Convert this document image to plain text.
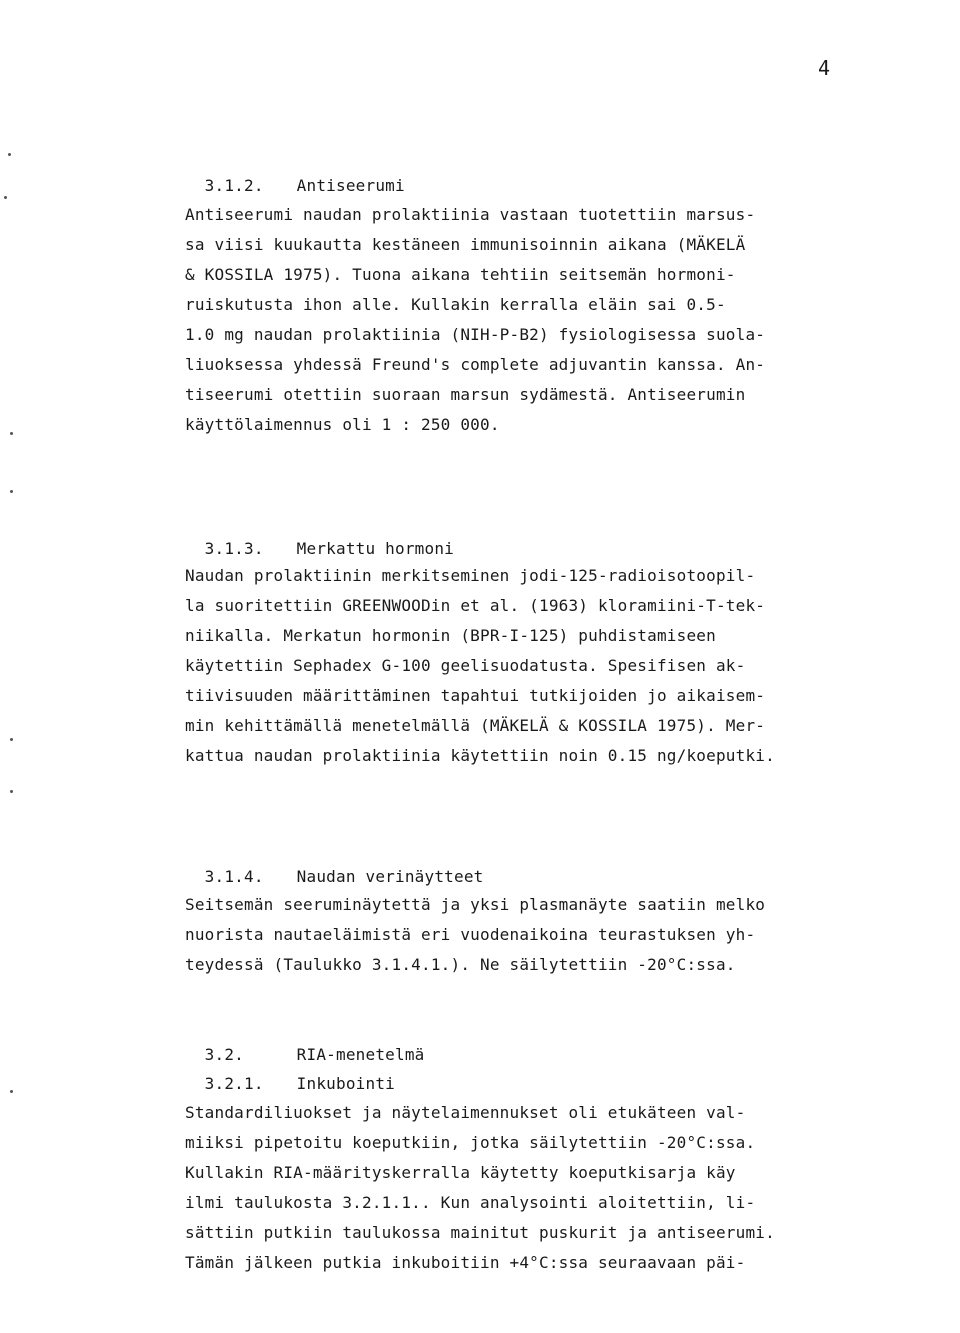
4

3.1.2. Antiseerumi

Antiseerumi naudan prolaktiinia vastaan tuotettiin marsus-
sa viisi kuukautta kestäneen immunisoinnin aikana (MÄKELÄ
& KOSSILA 1975). Tuona aikana tehtiin seitsemän hormoni-
ruiskutusta ihon alle. Kullakin kerralla eläin sai 0.5-
1.0 mg naudan prolaktiinia (NIH-P-B2) fysiologisessa suola-
liuoksessa yhdessä Freund's complete adjuvantin kanssa. An-
tiseerumi otettiin suoraan marsun sydämestä. Antiseerumin
käyttölaimennus oli 1 : 250 000.

3.1.3. Merkattu hormoni

Naudan prolaktiinin merkitseminen jodi-125-radioisotoopil-
la suoritettiin GREENWOODin et al. (1963) kloramiini-T-tek-
niikalla. Merkatun hormonin (BPR-I-125) puhdistamiseen
käytettiin Sephadex G-100 geelisuodatusta. Spesifisen ak-
tiivisuuden määrittäminen tapahtui tutkijoiden jo aikaisem-
min kehittämällä menetelmällä (MÄKELÄ & KOSSILA 1975). Mer-
kattua naudan prolaktiinia käytettiin noin 0.15 ng/koeputki.

3.1.4. Naudan verinäytteet

Seitsemän seeruminäytettä ja yksi plasmanäyte saatiin melko
nuorista nautaeläimistä eri vuodenaikoina teurastuksen yh-
teydessä (Taulukko 3.1.4.1.). Ne säilytettiin -20°C:ssa.

3.2.	RIA-menetelmä

3.2.1. Inkubointi

Standardiliuokset ja näytelaimennukset oli etukäteen val-
miiksi pipetoitu koeputkiin, jotka säilytettiin -20°C:ssa.
Kullakin RIA-määrityskerralla käytetty koeputkisarja käy
ilmi taulukosta 3.2.1.1.. Kun analysointi aloitettiin, li-
sättiin putkiin taulukossa mainitut puskurit ja antiseerumi.
Tämän jälkeen putkia inkuboitiin +4°C:ssa seuraavaan päi-
